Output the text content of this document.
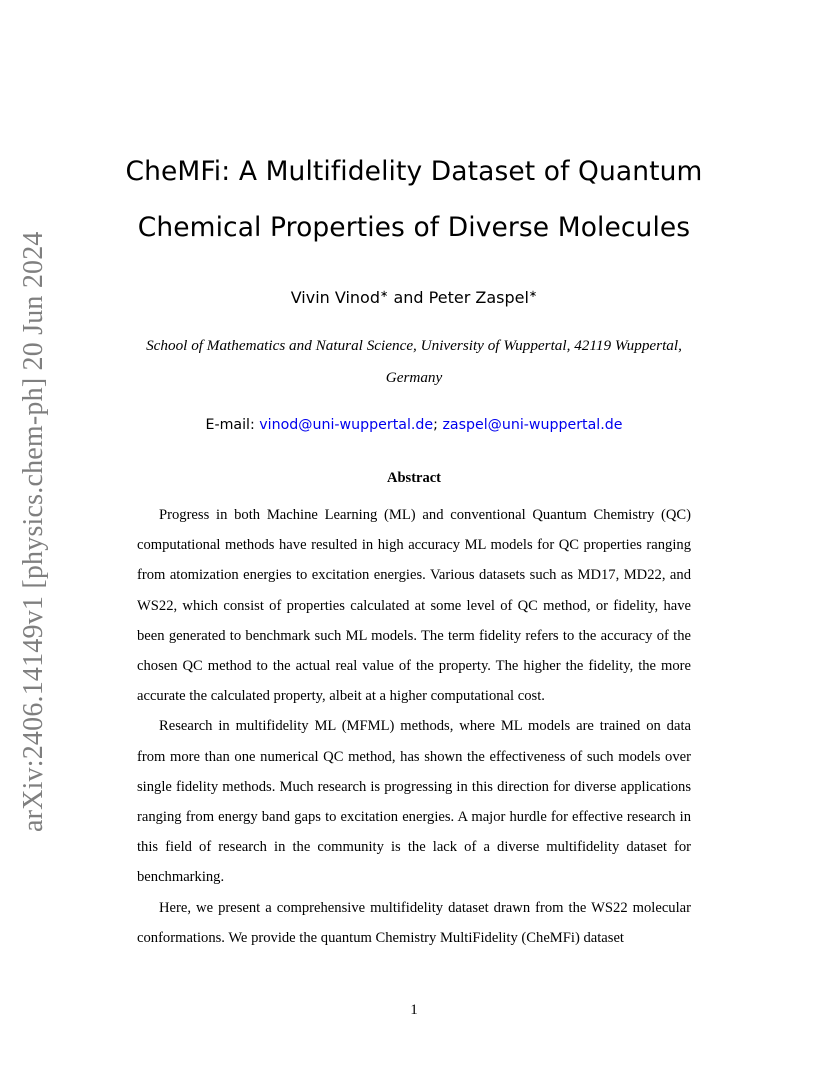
arXiv:2406.14149v1 [physics.chem-ph] 20 Jun 2024
CheMFi: A Multifidelity Dataset of Quantum
Chemical Properties of Diverse Molecules
Vivin Vinod∗ and Peter Zaspel∗
School of Mathematics and Natural Science, University of Wuppertal, 42119 Wuppertal,
Germany
E-mail: vinod@uni-wuppertal.de; zaspel@uni-wuppertal.de
Abstract

Progress in both Machine Learning (ML) and conventional Quantum Chemistry (QC) computational methods have resulted in high accuracy ML models for QC properties ranging from atomization energies to excitation energies. Various datasets such as MD17, MD22, and WS22, which consist of properties calculated at some level of QC method, or fidelity, have been generated to benchmark such ML models. The term fidelity refers to the accuracy of the chosen QC method to the actual real value of the property. The higher the fidelity, the more accurate the calculated property, albeit at a higher computational cost.

Research in multifidelity ML (MFML) methods, where ML models are trained on data from more than one numerical QC method, has shown the effectiveness of such models over single fidelity methods. Much research is progressing in this direction for diverse applications ranging from energy band gaps to excitation energies. A major hurdle for effective research in this field of research in the community is the lack of a diverse multifidelity dataset for benchmarking.

Here, we present a comprehensive multifidelity dataset drawn from the WS22 molecular conformations. We provide the quantum Chemistry MultiFidelity (CheMFi) dataset

1
